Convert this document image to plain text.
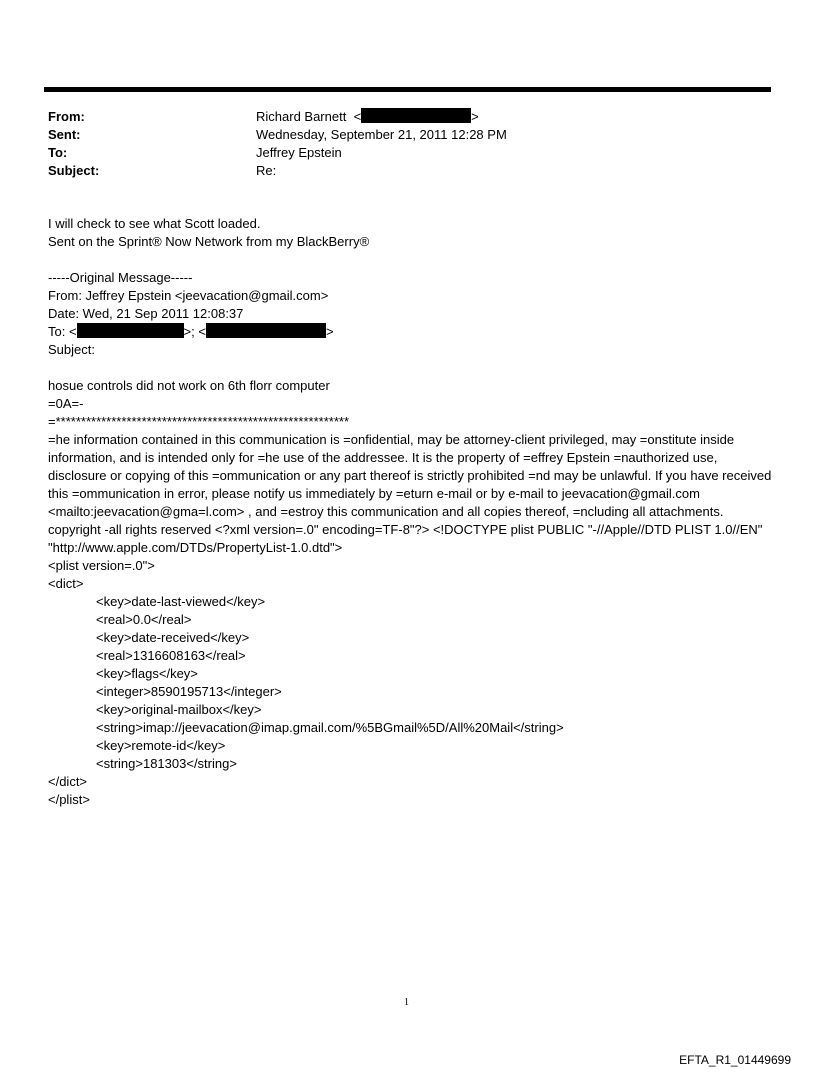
From:	Richard Barnett <	>
Sent:	Wednesday, September 21, 2011 12:28 PM
To:	Jeffrey Epstein
Subject:	Re:
I will check to see what Scott loaded.
Sent on the Sprint® Now Network from my BlackBerry®
-----Original Message-----
From: Jeffrey Epstein <jeevacation@gmail.com>
Date: Wed, 21 Sep 2011 12:08:37
To: <	>; <	>
Subject:
hosue controls did not work on 6th florr computer
=0A=-
=**********************************************************
=he information contained in this communication is =onfidential, may be attorney-client privileged, may =onstitute inside information, and is intended only for =he use of the addressee. It is the property of =effrey Epstein =nauthorized use, disclosure or copying of this =ommunication or any part thereof is strictly prohibited =nd may be unlawful. If you have received this =ommunication in error, please notify us immediately by =eturn e-mail or by e-mail to jeevacation@gmail.com <mailto:jeevacation@gma=l.com> , and =estroy this communication and all copies thereof, =ncluding all attachments. copyright -all rights reserved <?xml version=.0" encoding=TF-8"?> <!DOCTYPE plist PUBLIC "-//Apple//DTD PLIST 1.0//EN" "http://www.apple.com/DTDs/PropertyList-1.0.dtd">
<plist version=.0">
<dict>
<key>date-last-viewed</key>
<real>0.0</real>
<key>date-received</key>
<real>1316608163</real>
<key>flags</key>
<integer>8590195713</integer>
<key>original-mailbox</key>
<string>imap://jeevacation@imap.gmail.com/%5BGmail%5D/All%20Mail</string>
<key>remote-id</key>
<string>181303</string>
</dict>
</plist>
1
EFTA_R1_01449699
